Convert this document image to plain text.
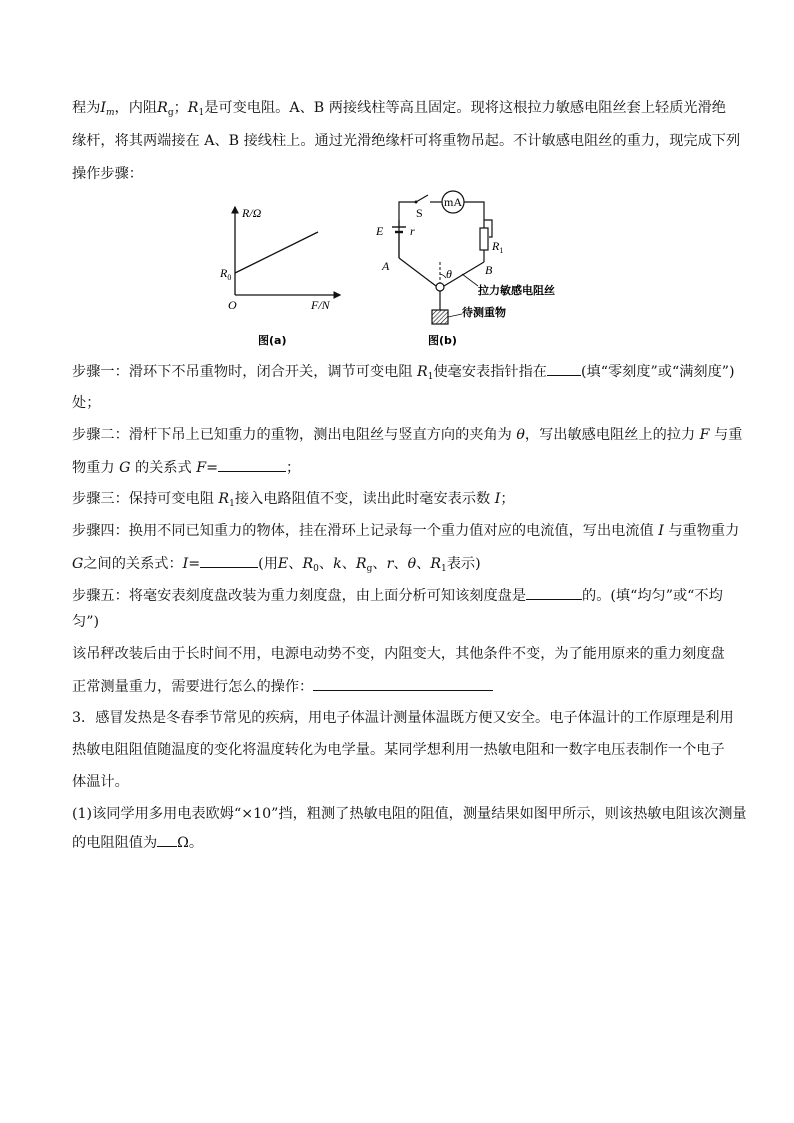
程为$I_m$，内阻$R_g$；$R_1$是可变电阻。A、B 两接线柱等高且固定。现将这根拉力敏感电阻丝套上轻质光滑绝
缘杆，将其两端接在 A、B 接线柱上。通过光滑绝缘杆可将重物吊起。不计敏感电阻丝的重力，现完成下列
操作步骤：
R/Ω
F/N
O
$R_0$
图(a)
mA
E r
S
$R_1$
A	B
θ
拉力敏感电阻丝
待测重物
图(b)
步骤一：滑环下不吊重物时，闭合开关，调节可变电阻 $R_1$使毫安表指针指在 (填“零刻度”或“满刻度”)
处；
步骤二：滑杆下吊上已知重力的重物，测出电阻丝与竖直方向的夹角为 θ，写出敏感电阻丝上的拉力 F 与重
物重力 G 的关系式 F=	；
步骤三：保持可变电阻 $R_1$接入电路阻值不变，读出此时毫安表示数 I；
步骤四：换用不同已知重力的物体，挂在滑环上记录每一个重力值对应的电流值，写出电流值 I 与重物重力
G之间的关系式：I=	(用E、$R_0$、k、$R_g$、r、θ、$R_1$表示)
步骤五：将毫安表刻度盘改装为重力刻度盘，由上面分析可知该刻度盘是	的。(填“均匀”或“不均
匀”)
该吊秤改装后由于长时间不用，电源电动势不变，内阻变大，其他条件不变，为了能用原来的重力刻度盘
正常测量重力，需要进行怎么的操作：
3．感冒发热是冬春季节常见的疾病，用电子体温计测量体温既方便又安全。电子体温计的工作原理是利用
热敏电阻阻值随温度的变化将温度转化为电学量。某同学想利用一热敏电阻和一数字电压表制作一个电子
体温计。
(1)该同学用多用电表欧姆“×10”挡，粗测了热敏电阻的阻值，测量结果如图甲所示，则该热敏电阻该次测量
的电阻阻值为 Ω。
